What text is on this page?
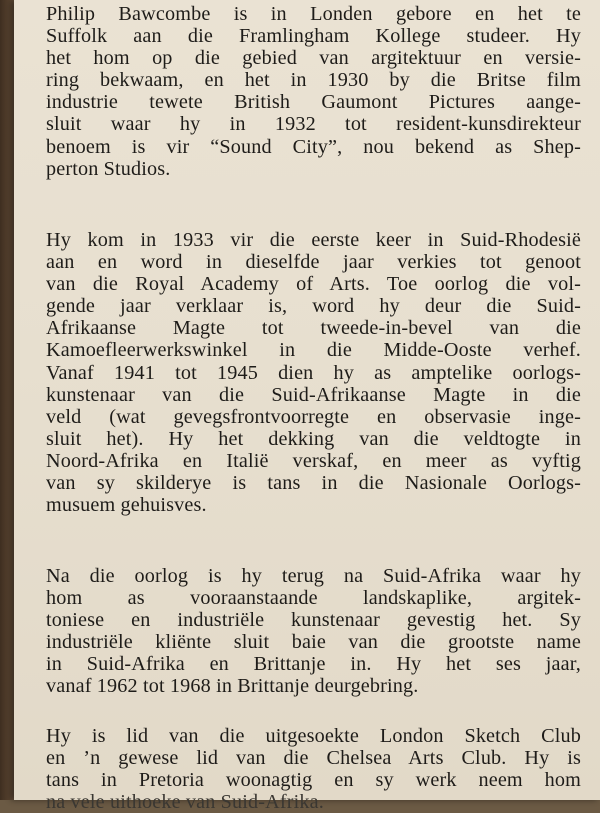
Philip Bawcombe is in Londen gebore en het te
Suffolk aan die Framlingham Kollege studeer. Hy
het hom op die gebied van argitektuur en versie-
ring bekwaam, en het in 1930 by die Britse film
industrie tewete British Gaumont Pictures aange-
sluit waar hy in 1932 tot resident-kunsdirekteur
benoem is vir “Sound City”, nou bekend as Shep-
perton Studios.
Hy kom in 1933 vir die eerste keer in Suid-Rhodesië
aan en word in dieselfde jaar verkies tot genoot
van die Royal Academy of Arts. Toe oorlog die vol-
gende jaar verklaar is, word hy deur die Suid-
Afrikaanse Magte tot tweede-in-bevel van die
Kamoefleerwerkswinkel in die Midde-Ooste verhef.
Vanaf 1941 tot 1945 dien hy as amptelike oorlogs-
kunstenaar van die Suid-Afrikaanse Magte in die
veld (wat gevegsfrontvoorregte en observasie inge-
sluit het). Hy het dekking van die veldtogte in
Noord-Afrika en Italië verskaf, en meer as vyftig
van sy skilderye is tans in die Nasionale Oorlogs-
musuem gehuisves.
Na die oorlog is hy terug na Suid-Afrika waar hy
hom as vooraanstaande landskaplike, argitek-
toniese en industriële kunstenaar gevestig het. Sy
industriële kliënte sluit baie van die grootste name
in Suid-Afrika en Brittanje in. Hy het ses jaar,
vanaf 1962 tot 1968 in Brittanje deurgebring.
Hy is lid van die uitgesoekte London Sketch Club
en ’n gewese lid van die Chelsea Arts Club. Hy is
tans in Pretoria woonagtig en sy werk neem hom
na vele uithoeke van Suid-Afrika.
